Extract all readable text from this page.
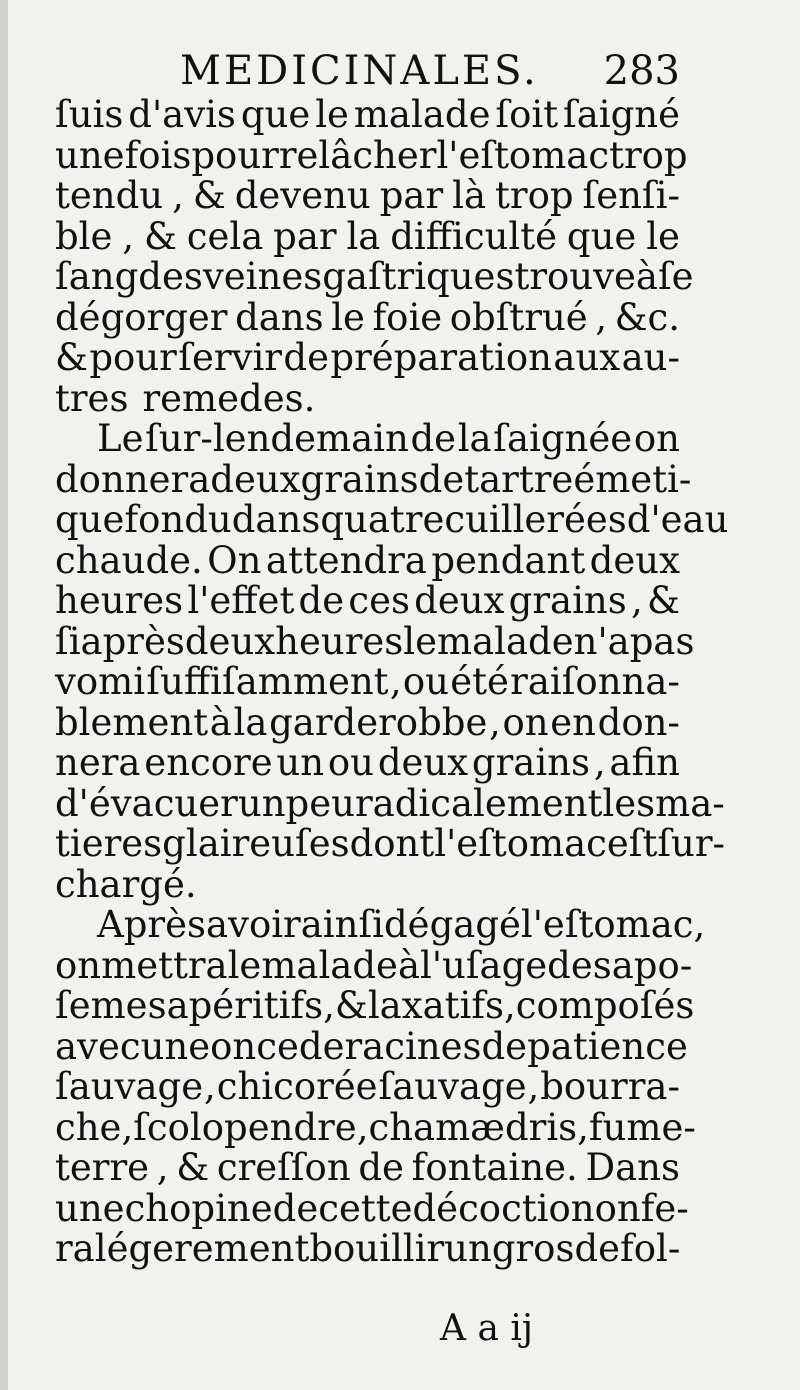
MEDICINALES. 283
ſuis d'avis que le malade ſoit ſaigné
une fois pour relâcher l'eſtomac trop
tendu , & devenu par là trop ſenſi-
ble , & cela par la difficulté que le
ſang des veines gaſtriques trouve à ſe
dégorger dans le foie obſtrué , &c.
& pour ſervir de préparation aux au-
tres remedes.
Le ſur-lendemain de la ſaignée on
donnera deux grains de tartre émeti-
que fondu dans quatre cuillerées d'eau
chaude. On attendra pendant deux
heures l'effet de ces deux grains , &
ſi après deux heures le malade n'a pas
vomi ſuffiſamment , ou été raiſonna-
blement à la garderobbe , on en don-
nera encore un ou deux grains , afin
d'évacuer un peu radicalement les ma-
tieres glaireuſes dont l'eſtomac eſt ſur-
chargé.
Après avoir ainſi dégagé l'eſtomac,
on mettra le malade à l'uſage des apo-
ſemes apéritifs , & laxatifs , compoſés
avec une once de racines de patience
ſauvage , chicorée ſauvage , bourra-
che , ſcolopendre , chamædris , fume-
terre , & creſſon de fontaine. Dans
une chopine de cette décoction on fe-
ra légerement bouillir un gros de fol-
A a ij
